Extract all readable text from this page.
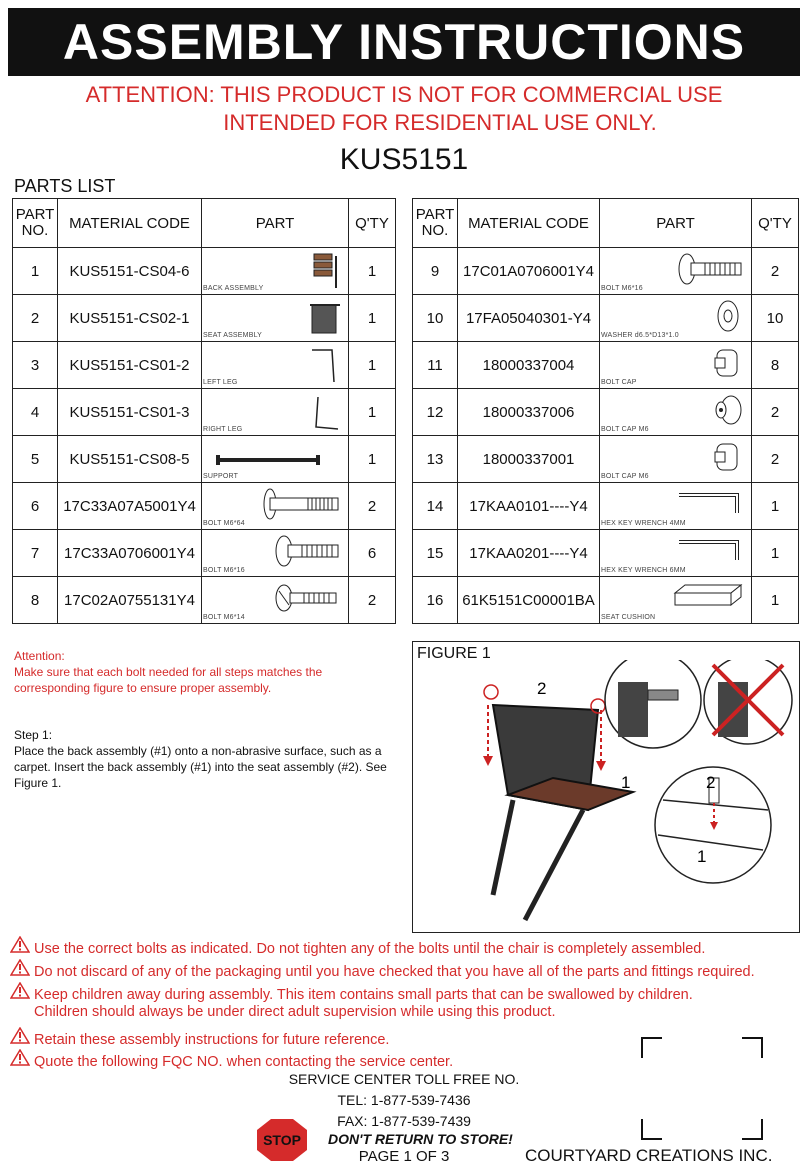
ASSEMBLY INSTRUCTIONS
ATTENTION: THIS PRODUCT IS NOT FOR COMMERCIAL USE
INTENDED FOR RESIDENTIAL USE ONLY.
KUS5151
PARTS LIST
PART NO.	MATERIAL CODE	PART	Q'TY
1	KUS5151-CS04-6	BACK ASSEMBLY	1
2	KUS5151-CS02-1	SEAT ASSEMBLY	1
3	KUS5151-CS01-2	LEFT LEG	1
4	KUS5151-CS01-3	RIGHT LEG	1
5	KUS5151-CS08-5	SUPPORT	1
6	17C33A07A5001Y4	BOLT M6*64	2
7	17C33A0706001Y4	BOLT M6*16	6
8	17C02A0755131Y4	BOLT M6*14	2
PART NO.	MATERIAL CODE	PART	Q'TY
9	17C01A0706001Y4	BOLT M6*16	2
10	17FA05040301-Y4	WASHER d6.5*D13*1.0	10
11	18000337004	BOLT CAP	8
12	18000337006	BOLT CAP M6	2
13	18000337001	BOLT CAP M6	2
14	17KAA0101----Y4	HEX KEY WRENCH 4MM	1
15	17KAA0201----Y4	HEX KEY WRENCH 6MM	1
16	61K5151C00001BA	SEAT CUSHION	1
Attention:
Make sure that each bolt needed for all steps matches the corresponding figure to ensure proper assembly.
Step 1:
Place the back assembly (#1) onto a non-abrasive surface, such as a carpet. Insert the back assembly (#1) into the seat assembly (#2). See Figure 1.
FIGURE 1
2
1	2
1
Use the correct bolts as indicated. Do not tighten any of the bolts until the chair is completely assembled.
Do not discard of any of the packaging until you have checked that you have all of the parts and fittings required.
Keep children away during assembly. This item contains small parts that can be swallowed by children.
Children should always be under direct adult supervision while using this product.
Retain these assembly instructions for future reference.
Quote the following FQC NO. when contacting the service center.
SERVICE CENTER TOLL FREE NO.
TEL: 1-877-539-7436
FAX: 1-877-539-7439
STOP DON'T RETURN TO STORE!
PAGE 1 OF 3	COURTYARD CREATIONS INC.
